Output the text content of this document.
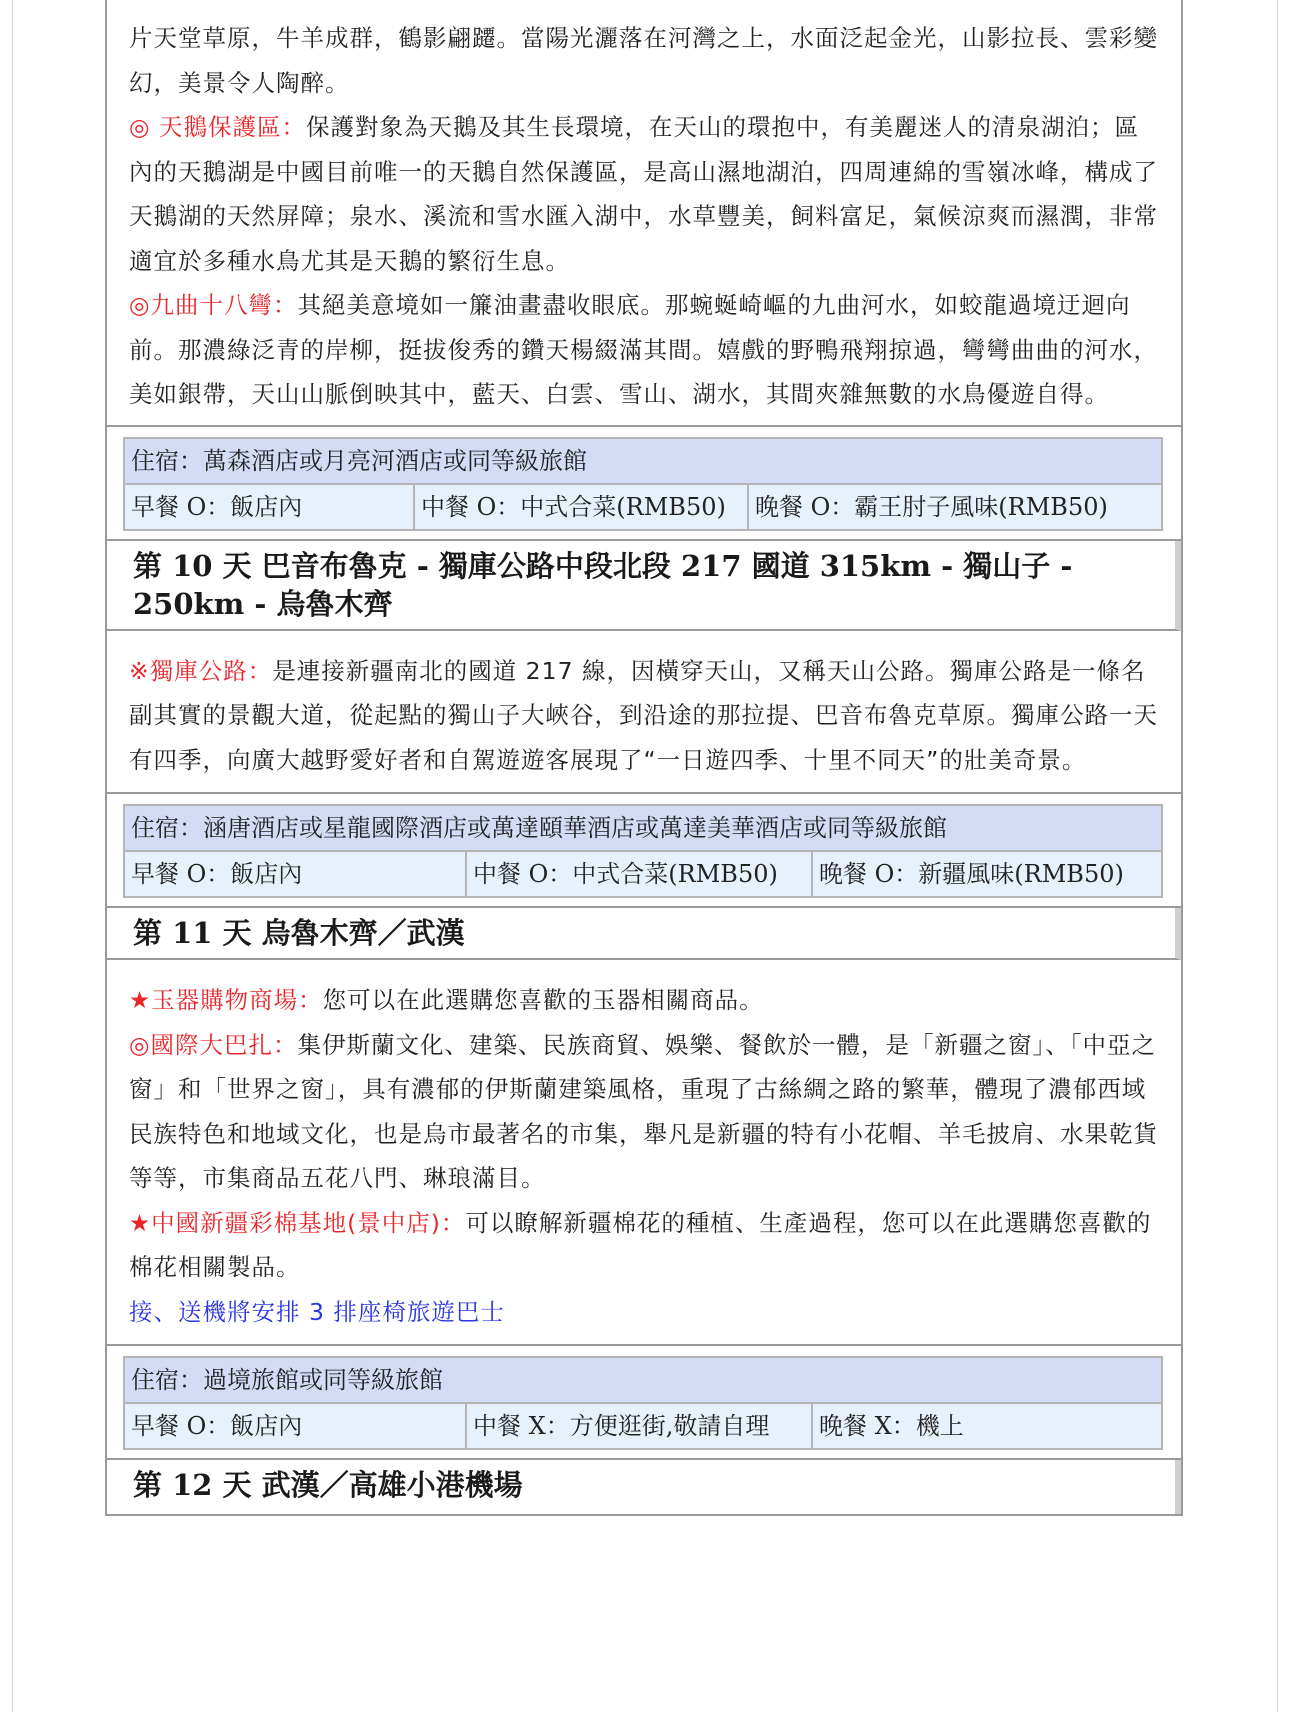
片天堂草原，牛羊成群，鶴影翩躚。當陽光灑落在河灣之上，水面泛起金光，山影拉長、雲彩變幻，美景令人陶醉。

◎ 天鵝保護區：保護對象為天鵝及其生長環境，在天山的環抱中，有美麗迷人的清泉湖泊；區內的天鵝湖是中國目前唯一的天鵝自然保護區，是高山濕地湖泊，四周連綿的雪嶺冰峰，構成了天鵝湖的天然屏障；泉水、溪流和雪水匯入湖中，水草豐美，飼料富足，氣候涼爽而濕潤，非常適宜於多種水鳥尤其是天鵝的繁衍生息。

◎九曲十八彎：其絕美意境如一簾油畫盡收眼底。那蜿蜒崎嶇的九曲河水，如蛟龍過境迂迴向前。那濃綠泛青的岸柳，挺拔俊秀的鑽天楊綴滿其間。嬉戲的野鴨飛翔掠過，彎彎曲曲的河水，美如銀帶，天山山脈倒映其中，藍天、白雲、雪山、湖水，其間夾雜無數的水鳥優遊自得。

住宿：萬森酒店或月亮河酒店或同等級旅館
早餐 O：飯店內	中餐 O：中式合菜(RMB50)	晚餐 O：霸王肘子風味(RMB50)
第 10 天 巴音布魯克 - 獨庫公路中段北段 217 國道 315km - 獨山子 - 250km - 烏魯木齊

※獨庫公路：是連接新疆南北的國道 217 線，因橫穿天山，又稱天山公路。獨庫公路是一條名副其實的景觀大道，從起點的獨山子大峽谷，到沿途的那拉提、巴音布魯克草原。獨庫公路一天有四季，向廣大越野愛好者和自駕遊遊客展現了“一日遊四季、十里不同天”的壯美奇景。

住宿：涵唐酒店或星龍國際酒店或萬達頤華酒店或萬達美華酒店或同等級旅館
早餐 O：飯店內	中餐 O：中式合菜(RMB50)	晚餐 O：新疆風味(RMB50)
第 11 天 烏魯木齊／武漢

★玉器購物商場：您可以在此選購您喜歡的玉器相關商品。

◎國際大巴扎：集伊斯蘭文化、建築、民族商貿、娛樂、餐飲於一體，是「新疆之窗」、「中亞之窗」和「世界之窗」，具有濃郁的伊斯蘭建築風格，重現了古絲綢之路的繁華，體現了濃郁西域民族特色和地域文化，也是烏市最著名的市集，舉凡是新疆的特有小花帽、羊毛披肩、水果乾貨等等，市集商品五花八門、琳琅滿目。

★中國新疆彩棉基地(景中店)：可以瞭解新疆棉花的種植、生產過程，您可以在此選購您喜歡的棉花相關製品。

接、送機將安排 3 排座椅旅遊巴士

住宿：過境旅館或同等級旅館
早餐 O：飯店內	中餐 X：方便逛街,敬請自理	晚餐 X：機上
第 12 天 武漢／高雄小港機場
